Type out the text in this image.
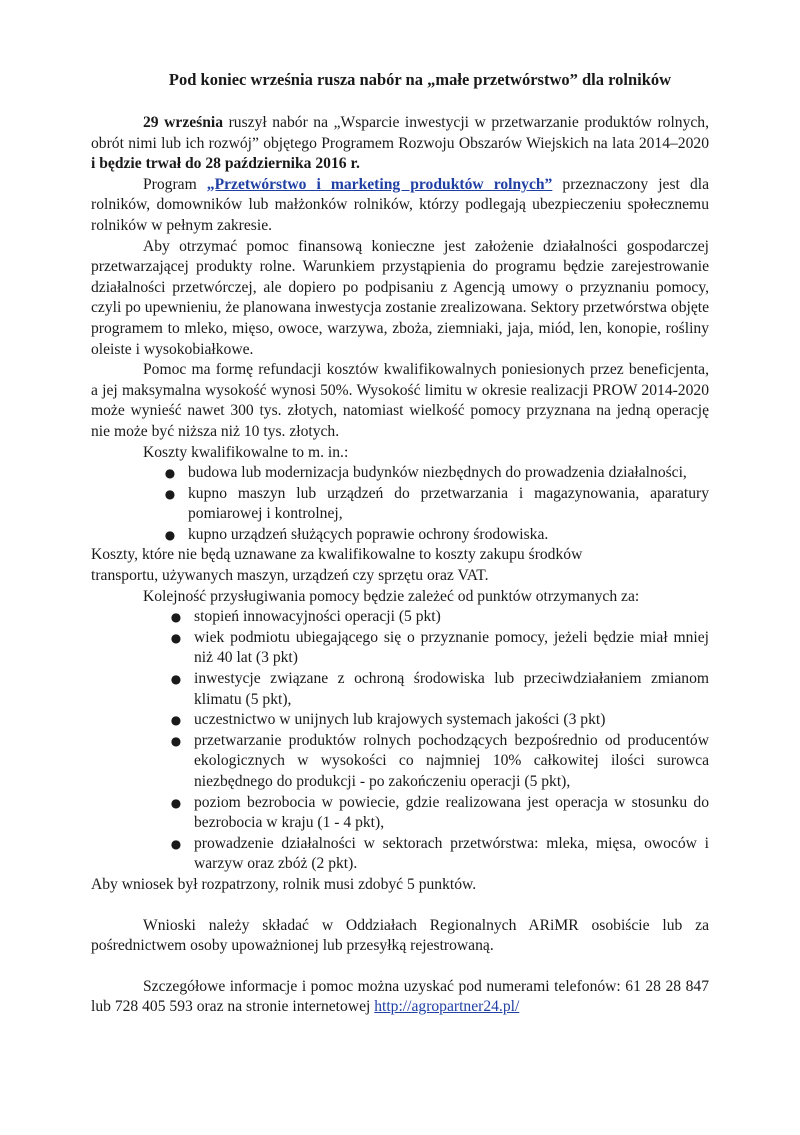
Pod koniec września rusza nabór na „małe przetwórstwo” dla rolników

29 września ruszył nabór na „Wsparcie inwestycji w przetwarzanie produktów rolnych, obrót nimi lub ich rozwój” objętego Programem Rozwoju Obszarów Wiejskich na lata 2014–2020 i będzie trwał do 28 października 2016 r.

Program „Przetwórstwo i marketing produktów rolnych” przeznaczony jest dla rolników, domowników lub małżonków rolników, którzy podlegają ubezpieczeniu społecznemu rolników w pełnym zakresie.

Aby otrzymać pomoc finansową konieczne jest założenie działalności gospodarczej przetwarzającej produkty rolne. Warunkiem przystąpienia do programu będzie zarejestrowanie działalności przetwórczej, ale dopiero po podpisaniu z Agencją umowy o przyznaniu pomocy, czyli po upewnieniu, że planowana inwestycja zostanie zrealizowana. Sektory przetwórstwa objęte programem to mleko, mięso, owoce, warzywa, zboża, ziemniaki, jaja, miód, len, konopie, rośliny oleiste i wysokobiałkowe.

Pomoc ma formę refundacji kosztów kwalifikowalnych poniesionych przez beneficjenta, a jej maksymalna wysokość wynosi 50%. Wysokość limitu w okresie realizacji PROW 2014-2020 może wynieść nawet 300 tys. złotych, natomiast wielkość pomocy przyznana na jedną operację nie może być niższa niż 10 tys. złotych.

Koszty kwalifikowalne to m. in.:

● budowa lub modernizacja budynków niezbędnych do prowadzenia działalności,
● kupno maszyn lub urządzeń do przetwarzania i magazynowania, aparatury pomiarowej i kontrolnej,
● kupno urządzeń służących poprawie ochrony środowiska.

Koszty, które nie będą uznawane za kwalifikowalne to koszty zakupu środków transportu, używanych maszyn, urządzeń czy sprzętu oraz VAT.

Kolejność przysługiwania pomocy będzie zależeć od punktów otrzymanych za:

● stopień innowacyjności operacji (5 pkt)
● wiek podmiotu ubiegającego się o przyznanie pomocy, jeżeli będzie miał mniej niż 40 lat (3 pkt)
● inwestycje związane z ochroną środowiska lub przeciwdziałaniem zmianom klimatu (5 pkt),
● uczestnictwo w unijnych lub krajowych systemach jakości (3 pkt)
● przetwarzanie produktów rolnych pochodzących bezpośrednio od producentów ekologicznych w wysokości co najmniej 10% całkowitej ilości surowca niezbędnego do produkcji - po zakończeniu operacji (5 pkt),
● poziom bezrobocia w powiecie, gdzie realizowana jest operacja w stosunku do bezrobocia w kraju (1 - 4 pkt),
● prowadzenie działalności w sektorach przetwórstwa: mleka, mięsa, owoców i warzyw oraz zbóż (2 pkt).

Aby wniosek był rozpatrzony, rolnik musi zdobyć 5 punktów.

Wnioski należy składać w Oddziałach Regionalnych ARiMR osobiście lub za pośrednictwem osoby upoważnionej lub przesyłką rejestrowaną.

Szczegółowe informacje i pomoc można uzyskać pod numerami telefonów: 61 28 28 847 lub 728 405 593 oraz na stronie internetowej http://agropartner24.pl/
